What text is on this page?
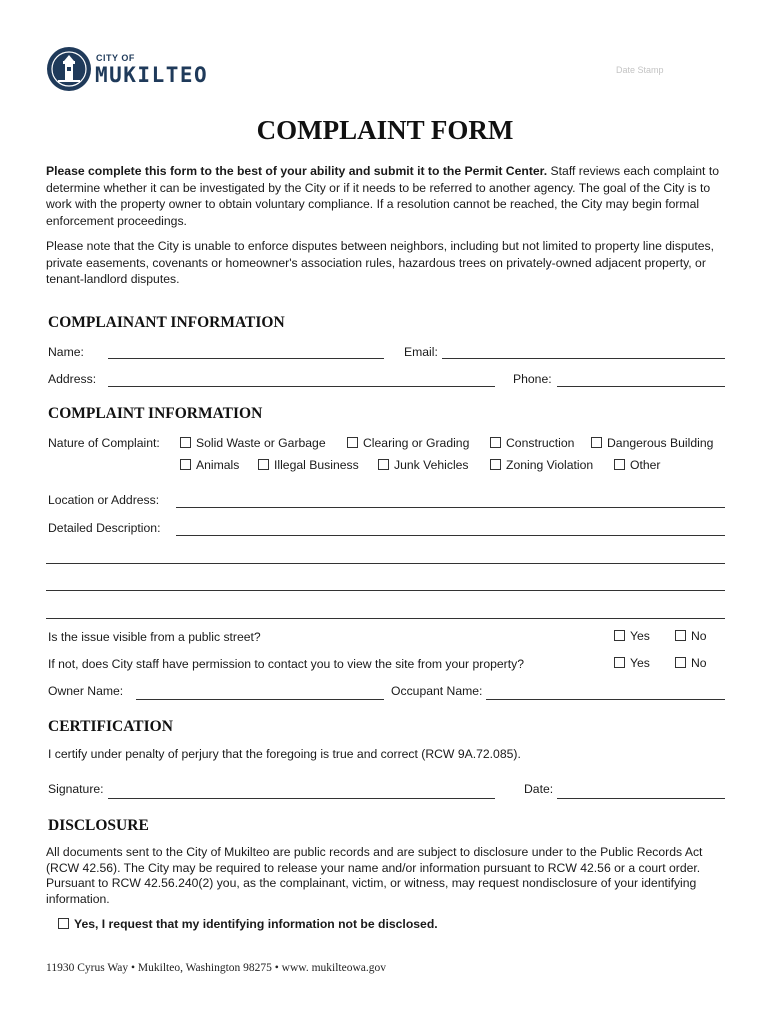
CITY OF
MUKILTEO	Date Stamp
COMPLAINT FORM
Please complete this form to the best of your ability and submit it to the Permit Center. Staff reviews each complaint to determine whether it can be investigated by the City or if it needs to be referred to another agency. The goal of the City is to work with the property owner to obtain voluntary compliance. If a resolution cannot be reached, the City may begin formal enforcement proceedings.
Please note that the City is unable to enforce disputes between neighbors, including but not limited to property line disputes, private easements, covenants or homeowner's association rules, hazardous trees on privately-owned adjacent property, or tenant-landlord disputes.
COMPLAINANT INFORMATION
Name:	Email:
Address:	Phone:
COMPLAINT INFORMATION
Nature of Complaint:	Solid Waste or Garbage	Clearing or Grading	Construction	Dangerous Building
Animals	Illegal Business	Junk Vehicles	Zoning Violation	Other
Location or Address:
Detailed Description:
Is the issue visible from a public street?	Yes	No
If not, does City staff have permission to contact you to view the site from your property?	Yes	No
Owner Name:	Occupant Name:
CERTIFICATION
I certify under penalty of perjury that the foregoing is true and correct (RCW 9A.72.085).
Signature:	Date:
DISCLOSURE
All documents sent to the City of Mukilteo are public records and are subject to disclosure under to the Public Records Act (RCW 42.56). The City may be required to release your name and/or information pursuant to RCW 42.56 or a court order. Pursuant to RCW 42.56.240(2) you, as the complainant, victim, or witness, may request nondisclosure of your identifying information.
Yes, I request that my identifying information not be disclosed.
11930 Cyrus Way • Mukilteo, Washington 98275 • www. mukilteowa.gov
